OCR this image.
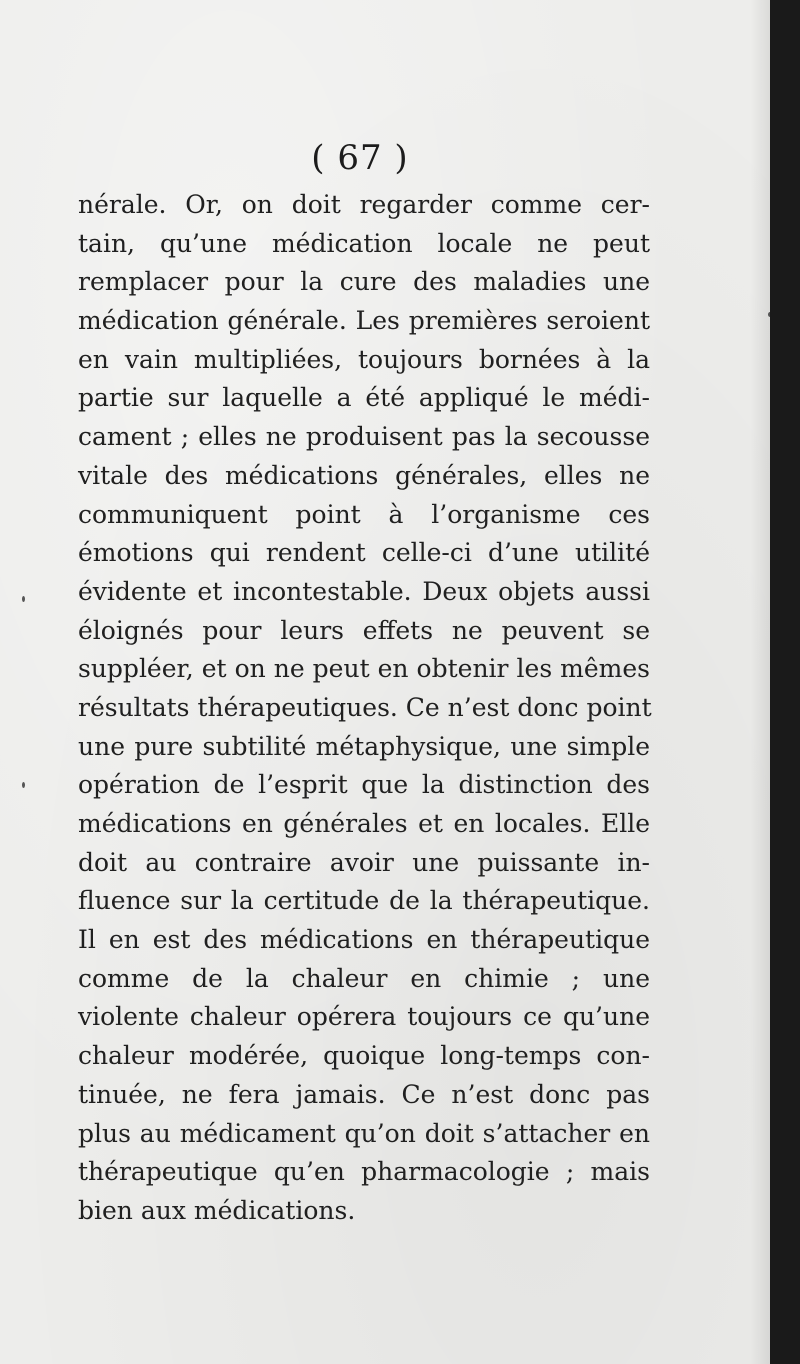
( 67 )
nérale. Or, on doit regarder comme cer-
tain, qu’une médication locale ne peut
remplacer pour la cure des maladies une
médication générale. Les premières seroient
en vain multipliées, toujours bornées à la
partie sur laquelle a été appliqué le médi-
cament ; elles ne produisent pas la secousse
vitale des médications générales, elles ne
communiquent point à l’organisme ces
émotions qui rendent celle-ci d’une utilité
évidente et incontestable. Deux objets aussi
éloignés pour leurs effets ne peuvent se
suppléer, et on ne peut en obtenir les mêmes
résultats thérapeutiques. Ce n’est donc point
une pure subtilité métaphysique, une simple
opération de l’esprit que la distinction des
médications en générales et en locales. Elle
doit au contraire avoir une puissante in-
fluence sur la certitude de la thérapeutique.
Il en est des médications en thérapeutique
comme de la chaleur en chimie ; une
violente chaleur opérera toujours ce qu’une
chaleur modérée, quoique long-temps con-
tinuée, ne fera jamais. Ce n’est donc pas
plus au médicament qu’on doit s’attacher en
thérapeutique qu’en pharmacologie ; mais
bien aux médications.
